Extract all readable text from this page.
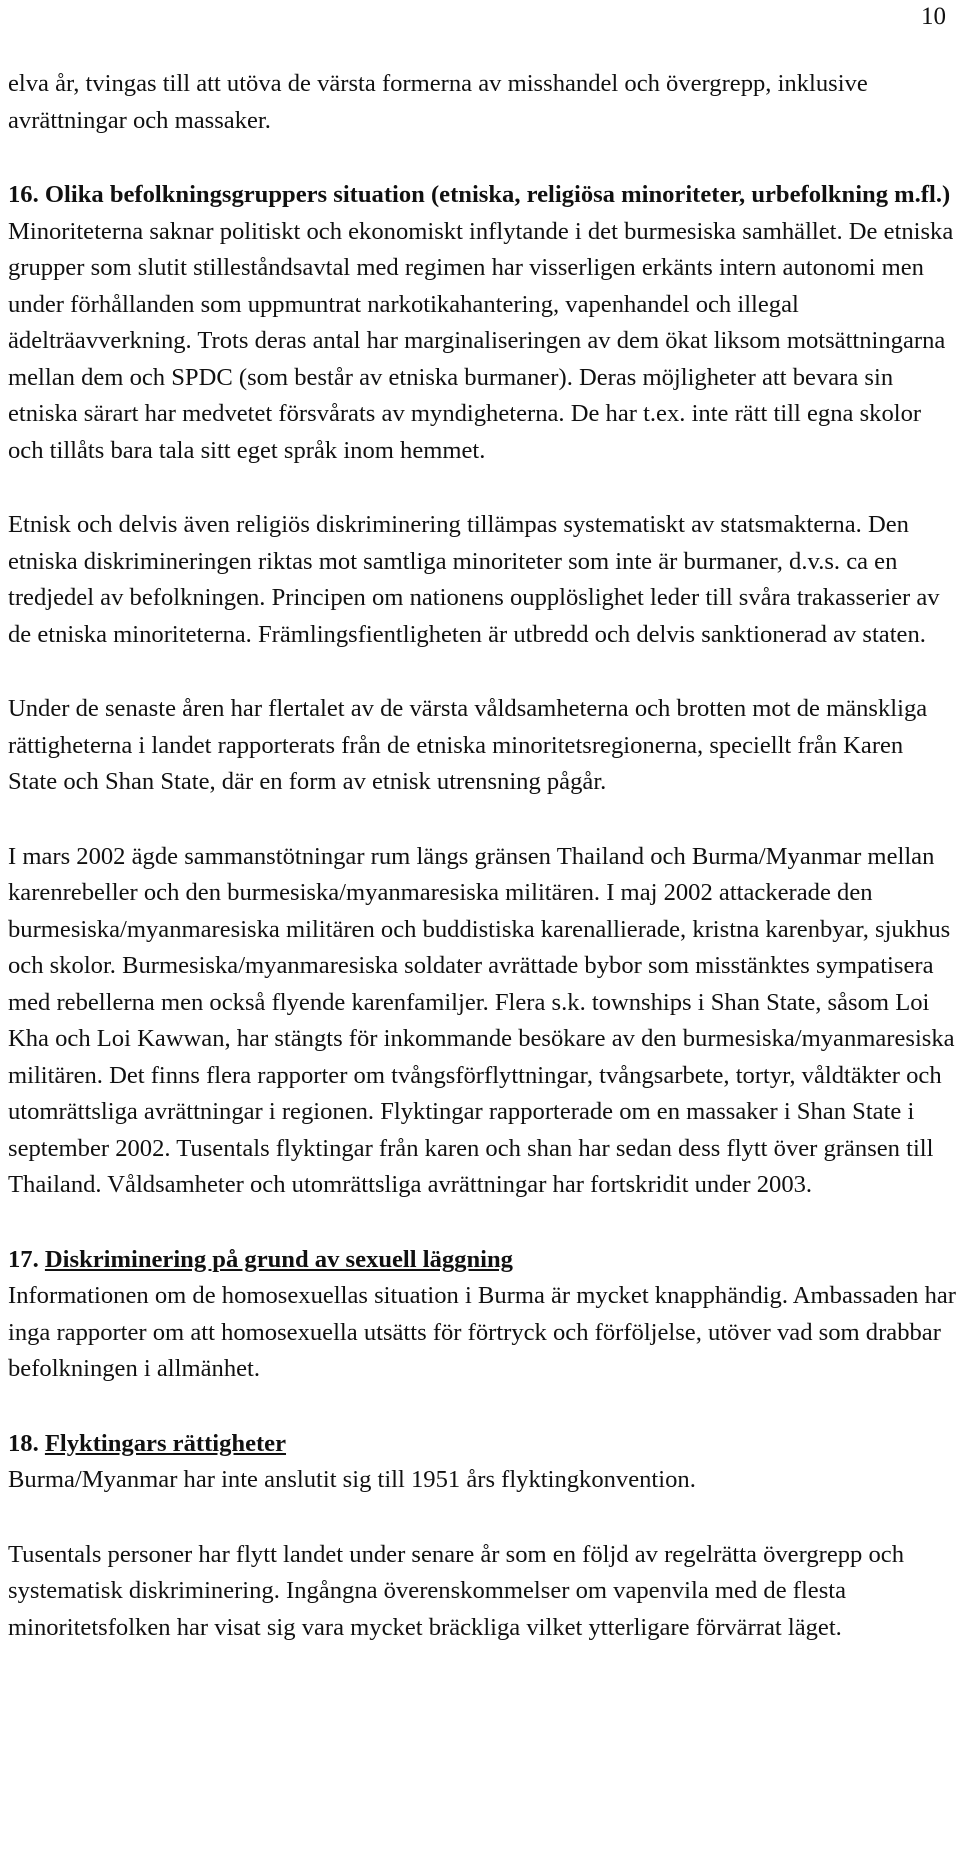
10

elva år, tvingas till att utöva de värsta formerna av misshandel och övergrepp, inklusive avrättningar och massaker.

16. Olika befolkningsgruppers situation (etniska, religiösa minoriteter, urbefolkning m.fl.)

Minoriteterna saknar politiskt och ekonomiskt inflytande i det burmesiska samhället. De etniska grupper som slutit stilleståndsavtal med regimen har visserligen erkänts intern autonomi men under förhållanden som uppmuntrat narkotikahantering, vapenhandel och illegal ädelträavverkning. Trots deras antal har marginaliseringen av dem ökat liksom motsättningarna mellan dem och SPDC (som består av etniska burmaner). Deras möjligheter att bevara sin etniska särart har medvetet försvårats av myndigheterna. De har t.ex. inte rätt till egna skolor och tillåts bara tala sitt eget språk inom hemmet.

Etnisk och delvis även religiös diskriminering tillämpas systematiskt av statsmakterna. Den etniska diskrimineringen riktas mot samtliga minoriteter som inte är burmaner, d.v.s. ca en tredjedel av befolkningen. Principen om nationens oupplöslighet leder till svåra trakasserier av de etniska minoriteterna. Främlingsfientligheten är utbredd och delvis sanktionerad av staten.

Under de senaste åren har flertalet av de värsta våldsamheterna och brotten mot de mänskliga rättigheterna i landet rapporterats från de etniska minoritetsregionerna, speciellt från Karen State och Shan State, där en form av etnisk utrensning pågår.

I mars 2002 ägde sammanstötningar rum längs gränsen Thailand och Burma/Myanmar mellan karenrebeller och den burmesiska/myanmaresiska militären. I maj 2002 attackerade den burmesiska/myanmaresiska militären och buddistiska karenallierade, kristna karenbyar, sjukhus och skolor. Burmesiska/myanmaresiska soldater avrättade bybor som misstänktes sympatisera med rebellerna men också flyende karenfamiljer. Flera s.k. townships i Shan State, såsom Loi Kha och Loi Kawwan, har stängts för inkommande besökare av den burmesiska/myanmaresiska militären. Det finns flera rapporter om tvångsförflyttningar, tvångsarbete, tortyr, våldtäkter och utomrättsliga avrättningar i regionen. Flyktingar rapporterade om en massaker i Shan State i september 2002. Tusentals flyktingar från karen och shan har sedan dess flytt över gränsen till Thailand. Våldsamheter och utomrättsliga avrättningar har fortskridit under 2003.

17. Diskriminering på grund av sexuell läggning

Informationen om de homosexuellas situation i Burma är mycket knapphändig. Ambassaden har inga rapporter om att homosexuella utsätts för förtryck och förföljelse, utöver vad som drabbar befolkningen i allmänhet.

18. Flyktingars rättigheter

Burma/Myanmar har inte anslutit sig till 1951 års flyktingkonvention.

Tusentals personer har flytt landet under senare år som en följd av regelrätta övergrepp och systematisk diskriminering. Ingångna överenskommelser om vapenvila med de flesta minoritetsfolken har visat sig vara mycket bräckliga vilket ytterligare förvärrat läget.
